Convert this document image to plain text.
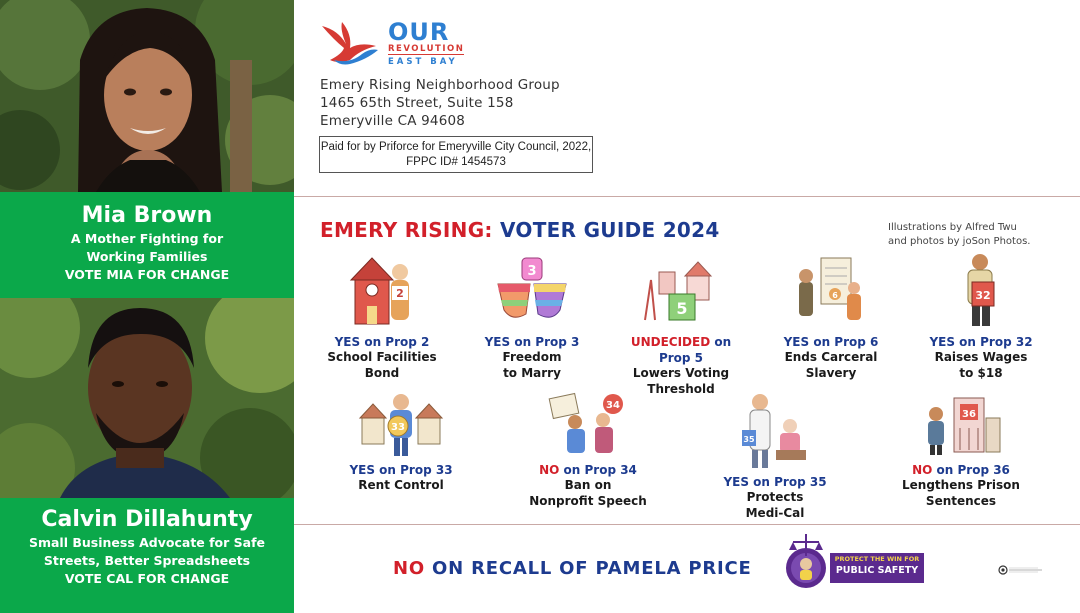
Mia Brown
A Mother Fighting for
Working Families
VOTE MIA FOR CHANGE
Calvin Dillahunty
Small Business Advocate for Safe
Streets, Better Spreadsheets
VOTE CAL FOR CHANGE
OUR
REVOLUTION
EAST BAY
Emery Rising Neighborhood Group
1465 65th Street, Suite 158
Emeryville CA 94608
Paid for by Priforce for Emeryville City Council, 2022,
FPPC ID# 1454573
EMERY RISING: VOTER GUIDE 2024	Illustrations by Alfred Twu
and photos by joSon Photos.
2
YES on Prop 2
School Facilities
Bond
3
YES on Prop 3
Freedom
to Marry
5
UNDECIDED on
Prop 5
Lowers Voting
Threshold
6
YES on Prop 6
Ends Carceral
Slavery
32
YES on Prop 32
Raises Wages
to $18
33
YES on Prop 33
Rent Control
34
NO on Prop 34
Ban on
Nonprofit Speech
35
YES on Prop 35
Protects
Medi-Cal
36
NO on Prop 36
Lengthens Prison
Sentences
NO ON RECALL OF PAMELA PRICE	PROTECT THE WIN FOR
PUBLIC SAFETY
